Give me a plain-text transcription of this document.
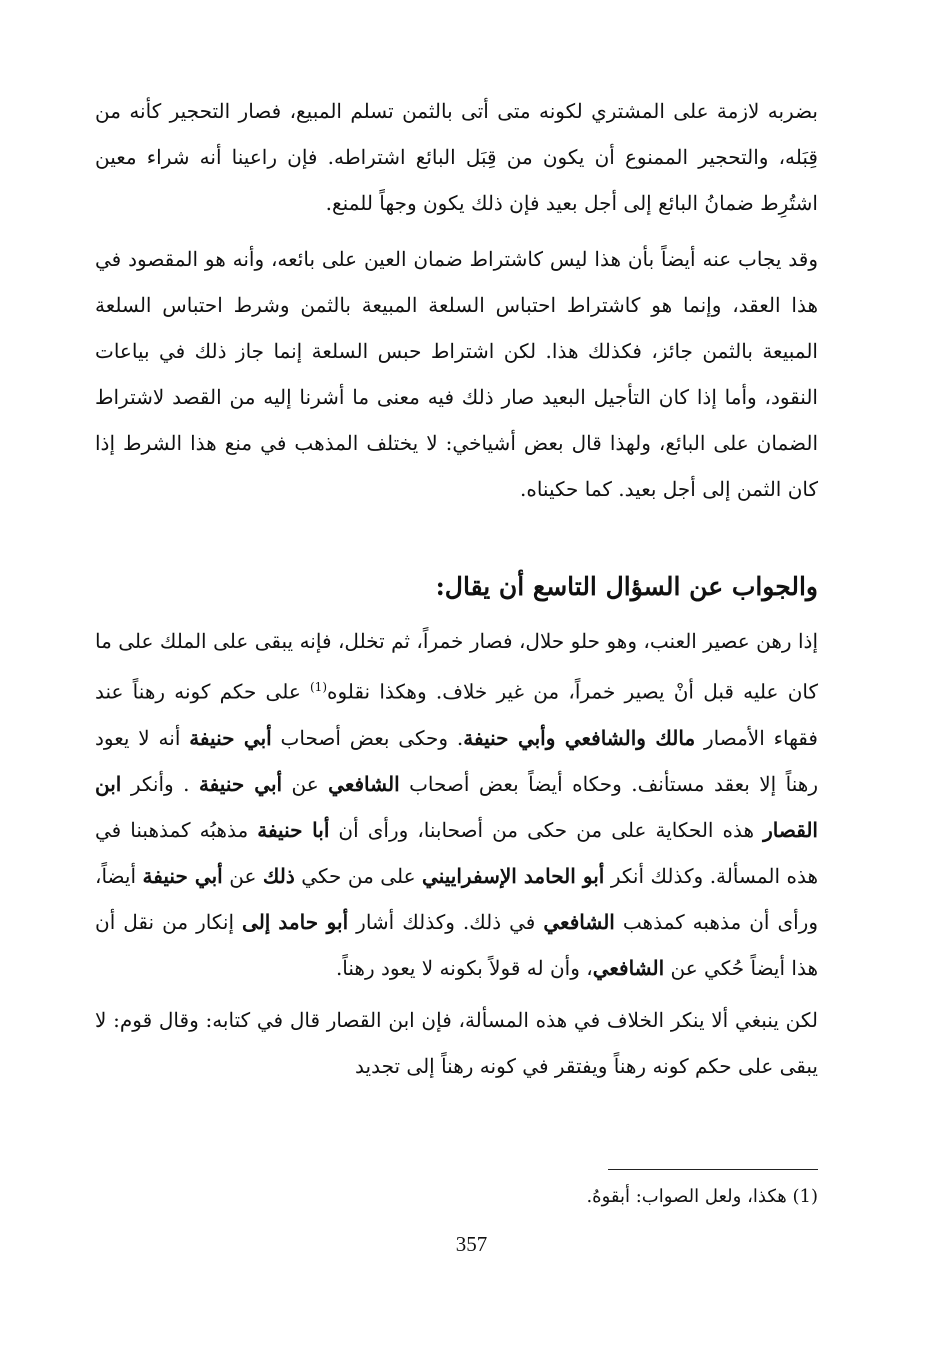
بضربه لازمة على المشتري لكونه متى أتى بالثمن تسلم المبيع، فصار التحجير كأنه من قِبَله، والتحجير الممنوع أن يكون من قِبَل البائع اشتراطه. فإن راعينا أنه شراء معين اشتُرِط ضمانُ البائع إلى أجل بعيد فإن ذلك يكون وجهاً للمنع.

وقد يجاب عنه أيضاً بأن هذا ليس كاشتراط ضمان العين على بائعه، وأنه هو المقصود في هذا العقد، وإنما هو كاشتراط احتباس السلعة المبيعة بالثمن وشرط احتباس السلعة المبيعة بالثمن جائز، فكذلك هذا. لكن اشتراط حبس السلعة إنما جاز ذلك في بياعات النقود، وأما إذا كان التأجيل البعيد صار ذلك فيه معنى ما أشرنا إليه من القصد لاشتراط الضمان على البائع، ولهذا قال بعض أشياخي: لا يختلف المذهب في منع هذا الشرط إذا كان الثمن إلى أجل بعيد. كما حكيناه.

والجواب عن السؤال التاسع أن يقال:

إذا رهن عصير العنب، وهو حلو حلال، فصار خمراً، ثم تخلل، فإنه يبقى على الملك على ما كان عليه قبل أنْ يصير خمراً، من غير خلاف. وهكذا نقلوه$^{(1)}$ على حكم كونه رهناً عند فقهاء الأمصار مالك والشافعي وأبي حنيفة. وحكى بعض أصحاب أبي حنيفة أنه لا يعود رهناً إلا بعقد مستأنف. وحكاه أيضاً بعض أصحاب الشافعي عن أبي حنيفة . وأنكر ابن القصار هذه الحكاية على من حكى من أصحابنا، ورأى أن أبا حنيفة مذهبُه كمذهبنا في هذه المسألة. وكذلك أنكر أبو الحامد الإسفراييني على من حكي ذلك عن أبي حنيفة أيضاً، ورأى أن مذهبه كمذهب الشافعي في ذلك. وكذلك أشار أبو حامد إلى إنكار من نقل أن هذا أيضاً حُكي عن الشافعي، وأن له قولاً بكونه لا يعود رهناً.

لكن ينبغي ألا ينكر الخلاف في هذه المسألة، فإن ابن القصار قال في كتابه: وقال قوم: لا يبقى على حكم كونه رهناً ويفتقر في كونه رهناً إلى تجديد

(1) هكذا، ولعل الصواب: أبقوهُ.
357
